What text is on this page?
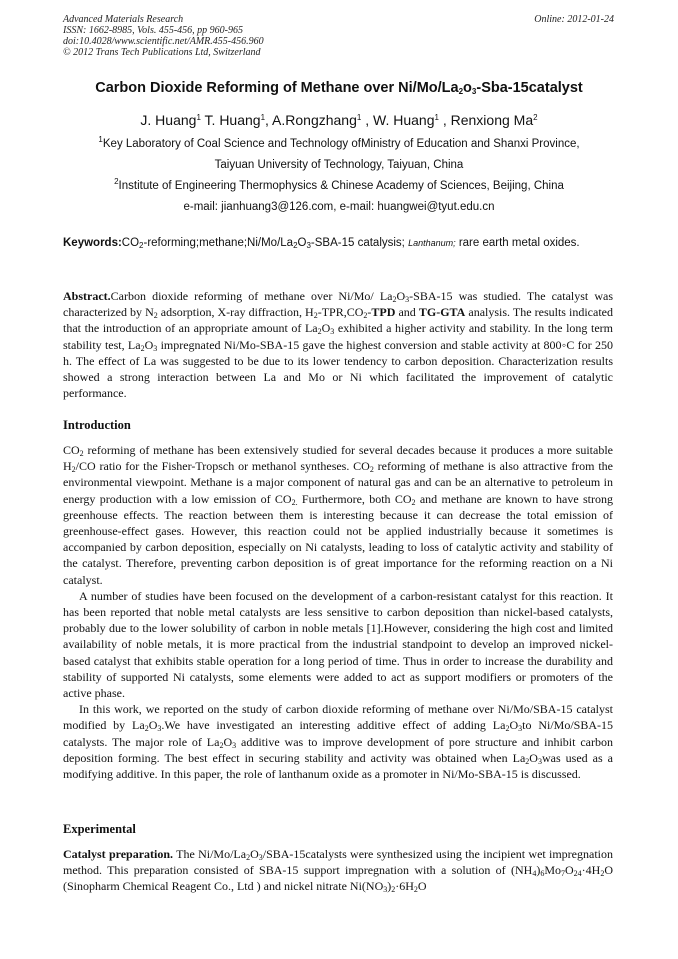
Advanced Materials Research
ISSN: 1662-8985, Vols. 455-456, pp 960-965
doi:10.4028/www.scientific.net/AMR.455-456.960
© 2012 Trans Tech Publications Ltd, Switzerland
Online: 2012-01-24
Carbon Dioxide Reforming of Methane over $Ni/Mo/La_2o_3-Sba-15catalyst$
J. Huang$^1$ T. Huang$^1$, A.Rongzhang$^1$ , W. Huang$^1$ , Renxiong Ma$^2$
$^1$Key Laboratory of Coal Science and Technology ofMinistry of Education and Shanxi Province,
Taiyuan University of Technology, Taiyuan, China
$^2$Institute of Engineering Thermophysics & Chinese Academy of Sciences, Beijing, China
e-mail: jianhuang3@126.com, e-mail: huangwei@tyut.edu.cn
$Keywords:CO_2-reforming;methane;Ni/Mo/La_2O_3-SBA-15$ catalysis; Lanthanum; rare earth metal oxides.

Abstract.Carbon dioxide reforming of methane over Ni/Mo/ $La_2O_3-SBA-15$ was studied. The catalyst was characterized by $N_2$ adsorption, X-ray diffraction, $H_2-TPR,CO_2$-TPD and TG-GTA analysis. The results indicated that the introduction of an appropriate amount of $La_2O_3$ exhibited a higher activity and stability. In the long term stability test, $La_2O_3$ impregnated Ni/Mo-SBA-15 gave the highest conversion and stable activity at 800◦C for 250 h. The effect of La was suggested to be due to its lower tendency to carbon deposition. Characterization results showed a strong interaction between La and Mo or Ni which facilitated the improvement of catalytic performance.

Introduction

$CO_2$ reforming of methane has been extensively studied for several decades because it produces a more suitable $H_2/CO$ ratio for the Fisher-Tropsch or methanol syntheses. $CO_2$ reforming of methane is also attractive from the environmental viewpoint. Methane is a major component of natural gas and can be an alternative to petroleum in energy production with a low emission of $CO_{2.}$ Furthermore, both $CO_2$ and methane are known to have strong greenhouse effects. The reaction between them is interesting because it can decrease the total emission of greenhouse-effect gases. However, this reaction could not be applied industrially because it sometimes is accompanied by carbon deposition, especially on Ni catalysts, leading to loss of catalytic activity and stability of the catalyst. Therefore, preventing carbon deposition is of great importance for the reforming reaction on a Ni catalyst.

A number of studies have been focused on the development of a carbon-resistant catalyst for this reaction. It has been reported that noble metal catalysts are less sensitive to carbon deposition than nickel-based catalysts, probably due to the lower solubility of carbon in noble metals [1].However, considering the high cost and limited availability of noble metals, it is more practical from the industrial standpoint to develop an improved nickel-based catalyst that exhibits stable operation for a long period of time. Thus in order to increase the durability and stability of supported Ni catalysts, some elements were added to act as support modifiers or promoters of the active phase.

In this work, we reported on the study of carbon dioxide reforming of methane over Ni/Mo/SBA-15 catalyst modified by $La_2O_3.We$ have investigated an interesting additive effect of adding $La_2O_3to$ Ni/Mo/SBA-15 catalysts. The major role of $La_2O_3$ additive was to improve development of pore structure and inhibit carbon deposition forming. The best effect in securing stability and activity was obtained when $La_2O_3was$ used as a modifying additive. In this paper, the role of lanthanum oxide as a promoter in Ni/Mo-SBA-15 is discussed.

Experimental

Catalyst preparation. The $Ni/Mo/La_2O_3/SBA-15catalysts$ were synthesized using the incipient wet impregnation method. This preparation consisted of SBA-15 support impregnation with a solution of $(NH_4)_6Mo_7O_{24}\cdot 4H_2O$ (Sinopharm Chemical Reagent Co., Ltd ) and nickel nitrate $Ni(NO_3)_2\cdot 6H_2O$
